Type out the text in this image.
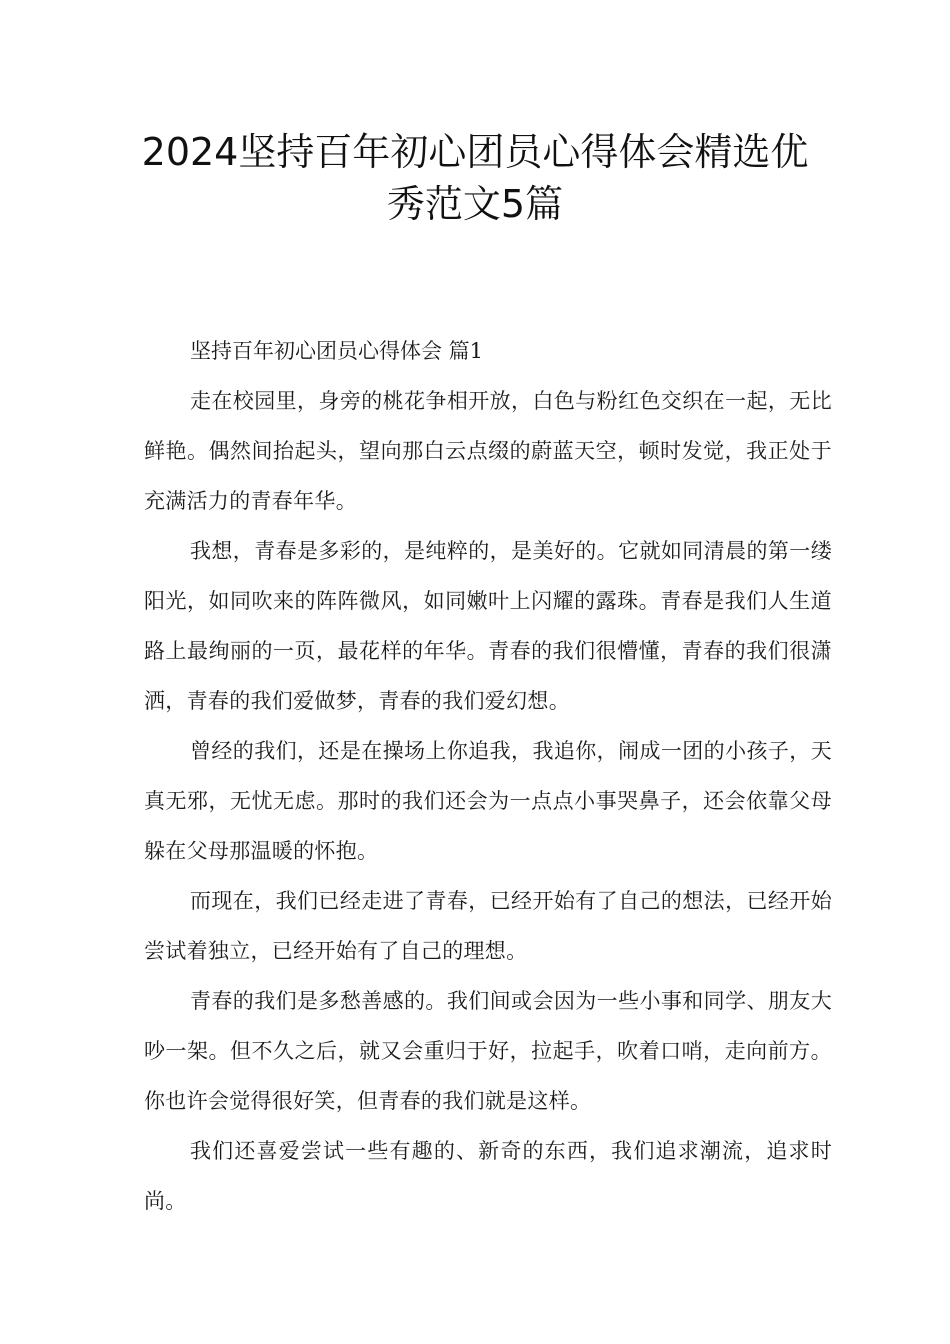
2024坚持百年初心团员心得体会精选优
秀范文5篇

坚持百年初心团员心得体会 篇1

走在校园里，身旁的桃花争相开放，白色与粉红色交织在一起，无比鲜艳。偶然间抬起头，望向那白云点缀的蔚蓝天空，顿时发觉，我正处于充满活力的青春年华。

我想，青春是多彩的，是纯粹的，是美好的。它就如同清晨的第一缕阳光，如同吹来的阵阵微风，如同嫩叶上闪耀的露珠。青春是我们人生道路上最绚丽的一页，最花样的年华。青春的我们很懵懂，青春的我们很潇洒，青春的我们爱做梦，青春的我们爱幻想。

曾经的我们，还是在操场上你追我，我追你，闹成一团的小孩子，天真无邪，无忧无虑。那时的我们还会为一点点小事哭鼻子，还会依靠父母躲在父母那温暖的怀抱。

而现在，我们已经走进了青春，已经开始有了自己的想法，已经开始尝试着独立，已经开始有了自己的理想。

青春的我们是多愁善感的。我们间或会因为一些小事和同学、朋友大吵一架。但不久之后，就又会重归于好，拉起手，吹着口哨，走向前方。你也许会觉得很好笑，但青春的我们就是这样。

我们还喜爱尝试一些有趣的、新奇的东西，我们追求潮流，追求时尚。
